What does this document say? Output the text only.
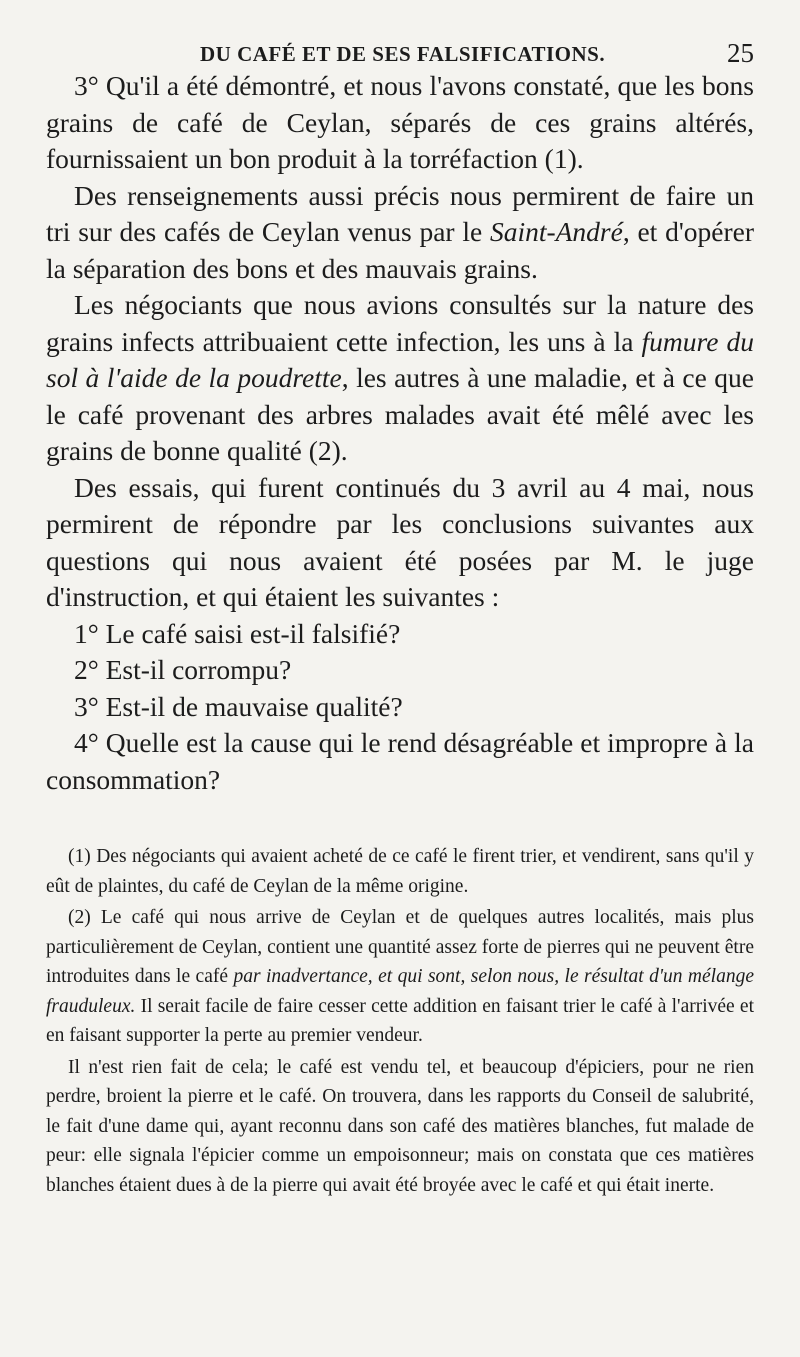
DU CAFÉ ET DE SES FALSIFICATIONS.	25

3° Qu'il a été démontré, et nous l'avons constaté, que les bons grains de café de Ceylan, séparés de ces grains altérés, fournissaient un bon produit à la torréfaction (1).

Des renseignements aussi précis nous permirent de faire un tri sur des cafés de Ceylan venus par le Saint-André, et d'opérer la séparation des bons et des mauvais grains.

Les négociants que nous avions consultés sur la nature des grains infects attribuaient cette infection, les uns à la fumure du sol à l'aide de la poudrette, les autres à une maladie, et à ce que le café provenant des arbres malades avait été mêlé avec les grains de bonne qualité (2).

Des essais, qui furent continués du 3 avril au 4 mai, nous permirent de répondre par les conclusions suivantes aux questions qui nous avaient été posées par M. le juge d'instruction, et qui étaient les suivantes :

1° Le café saisi est-il falsifié?

2° Est-il corrompu?

3° Est-il de mauvaise qualité?

4° Quelle est la cause qui le rend désagréable et impropre à la consommation?

(1) Des négociants qui avaient acheté de ce café le firent trier, et vendirent, sans qu'il y eût de plaintes, du café de Ceylan de la même origine.

(2) Le café qui nous arrive de Ceylan et de quelques autres localités, mais plus particulièrement de Ceylan, contient une quantité assez forte de pierres qui ne peuvent être introduites dans le café par inadvertance, et qui sont, selon nous, le résultat d'un mélange frauduleux. Il serait facile de faire cesser cette addition en faisant trier le café à l'arrivée et en faisant supporter la perte au premier vendeur.

Il n'est rien fait de cela; le café est vendu tel, et beaucoup d'épiciers, pour ne rien perdre, broient la pierre et le café. On trouvera, dans les rapports du Conseil de salubrité, le fait d'une dame qui, ayant reconnu dans son café des matières blanches, fut malade de peur: elle signala l'épicier comme un empoisonneur; mais on constata que ces matières blanches étaient dues à de la pierre qui avait été broyée avec le café et qui était inerte.
